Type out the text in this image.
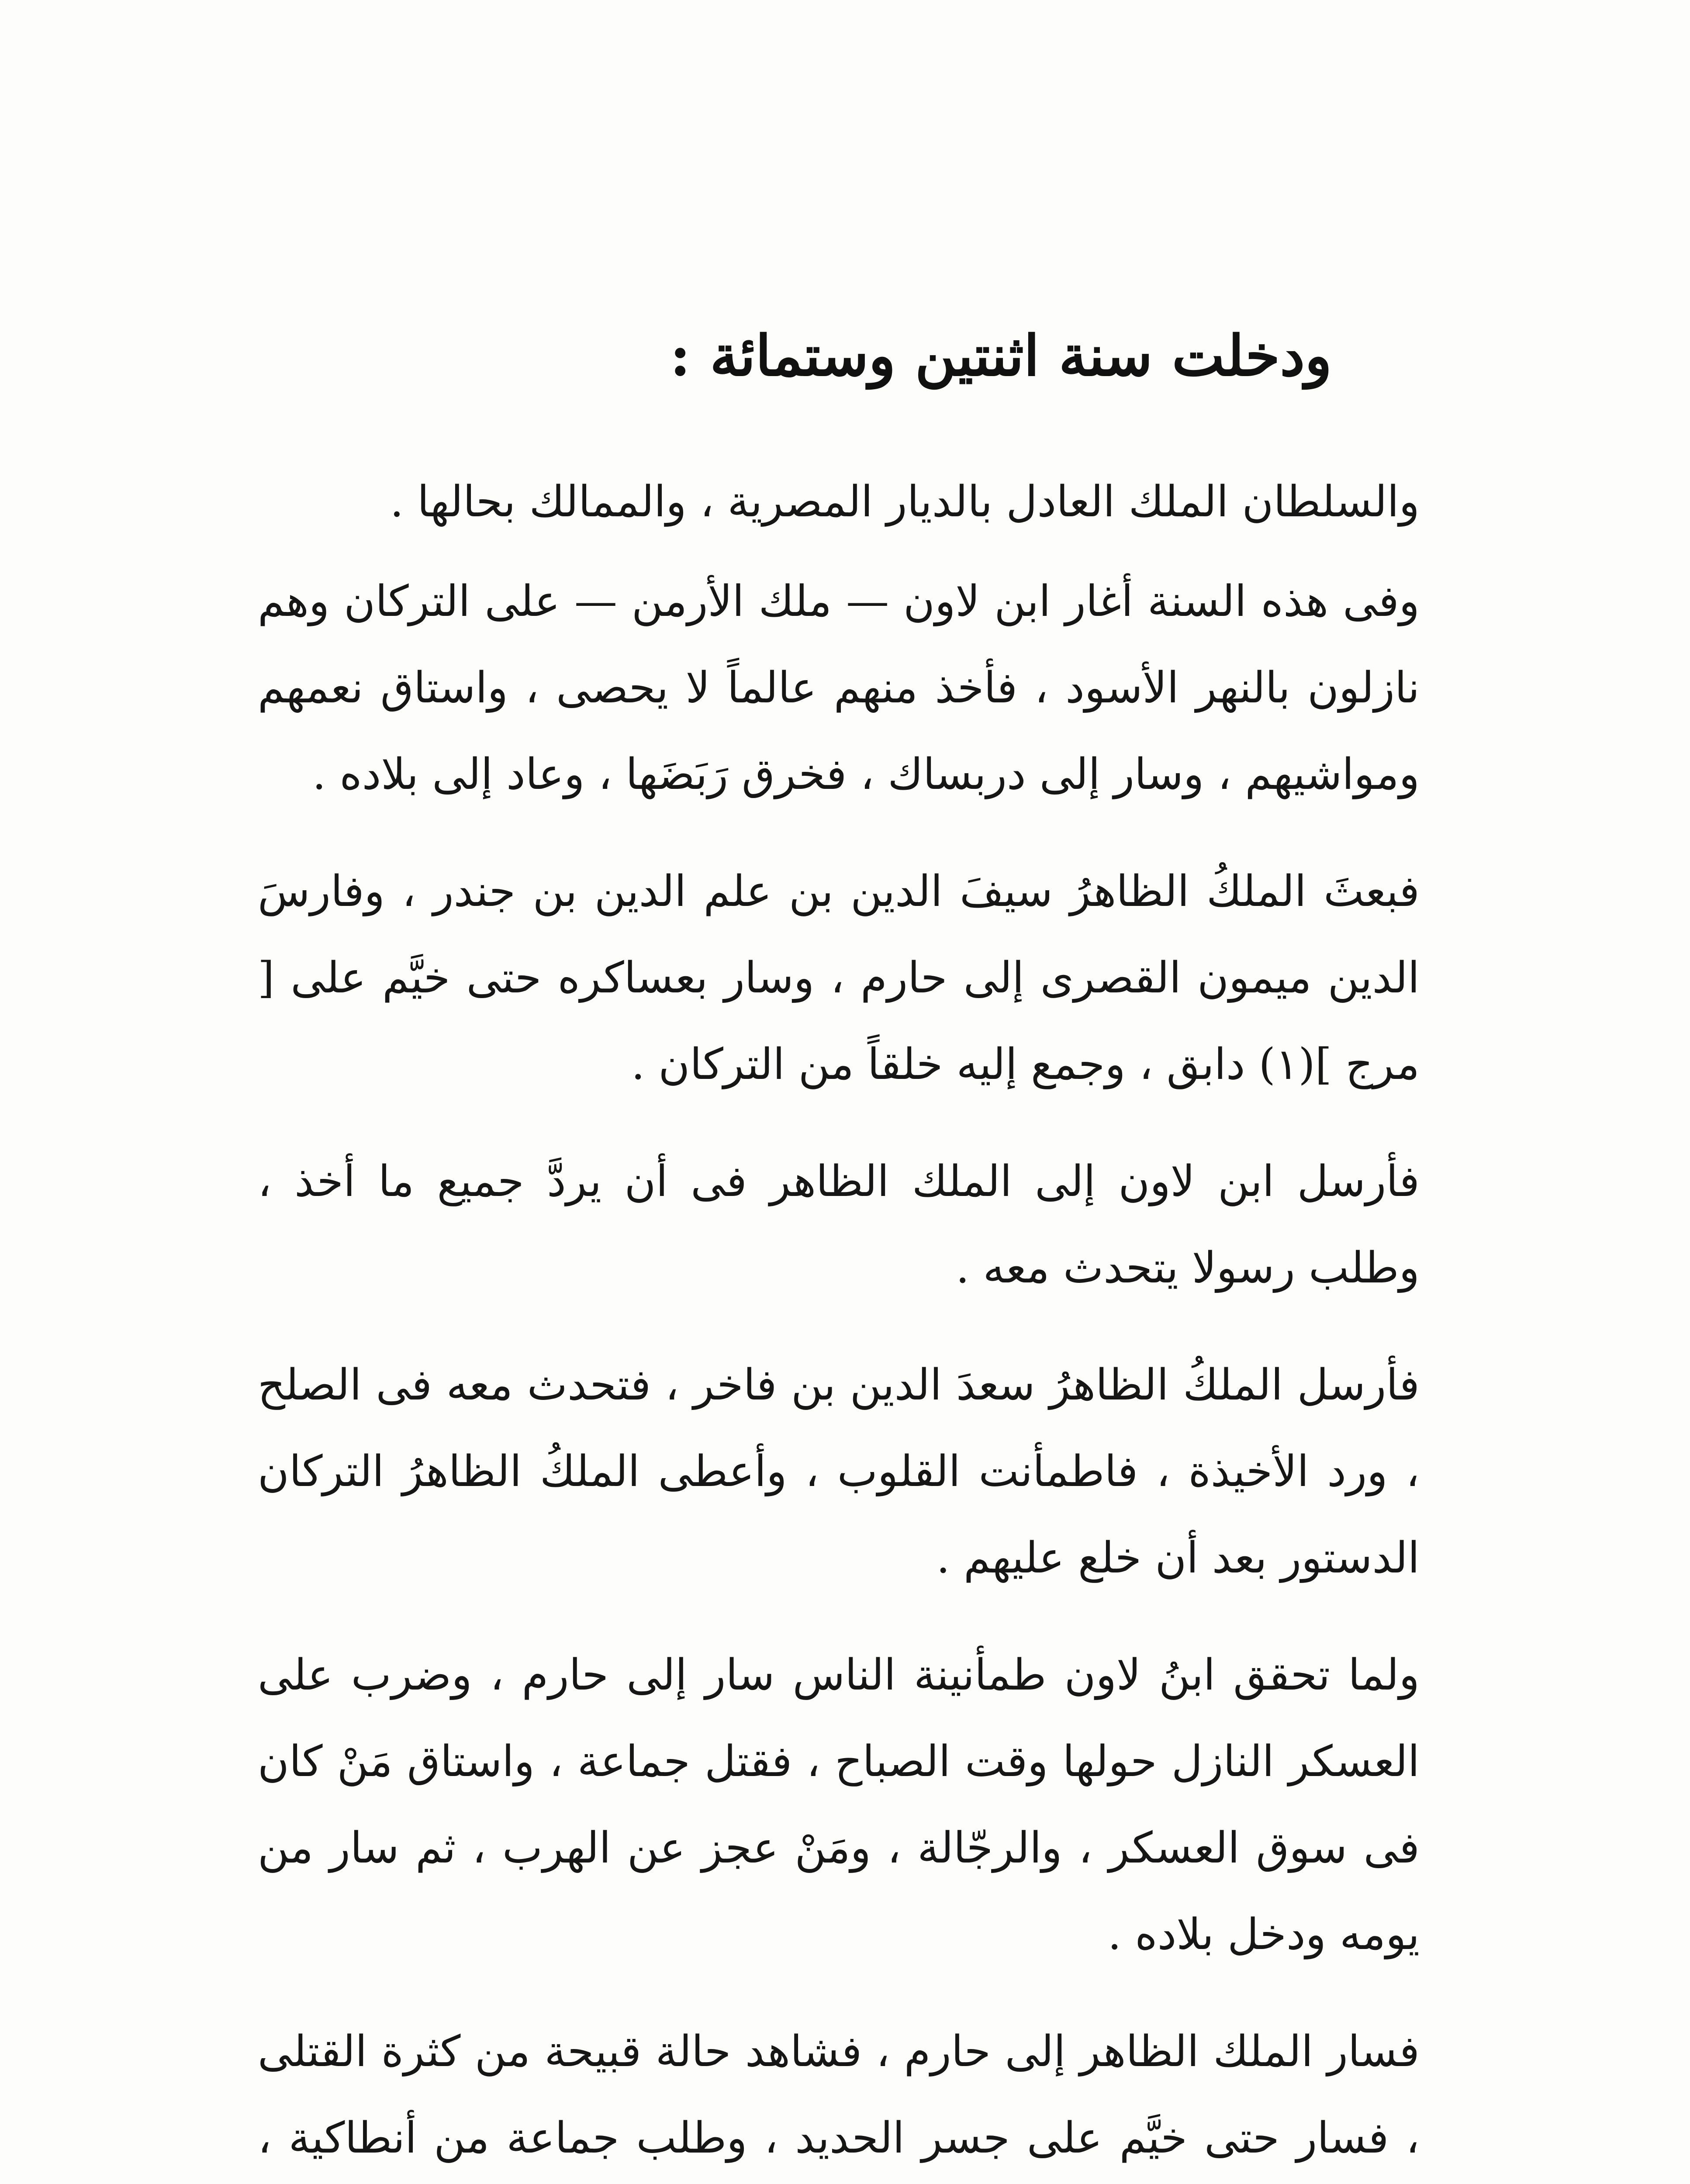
ودخلت سنة اثنتين وستمائة :

والسلطان الملك العادل بالديار المصرية ، والممالك بحالها .

وفى هذه السنة أغار ابن لاون — ملك الأرمن — على التركان وهم نازلون بالنهر الأسود ، فأخذ منهم عالماً لا يحصى ، واستاق نعمهم ومواشيهم ، وسار إلى دربساك ، فخرق رَبَضَها ، وعاد إلى بلاده .

فبعثَ الملكُ الظاهرُ سيفَ الدين بن علم الدين بن جندر ، وفارسَ الدين ميمون القصرى إلى حارم ، وسار بعساكره حتى خيَّم على [ مرج ](١) دابق ، وجمع إليه خلقاً من التركان .

فأرسل ابن لاون إلى الملك الظاهر فى أن يردَّ جميع ما أخذ ، وطلب رسولا يتحدث معه .

فأرسل الملكُ الظاهرُ سعدَ الدين بن فاخر ، فتحدث معه فى الصلح ، ورد الأخيذة ، فاطمأنت القلوب ، وأعطى الملكُ الظاهرُ التركان الدستور بعد أن خلع عليهم .

ولما تحقق ابنُ لاون طمأنينة الناس سار إلى حارم ، وضرب على العسكر النازل حولها وقت الصباح ، فقتل جماعة ، واستاق مَنْ كان فى سوق العسكر ، والرجّالة ، ومَنْ عجز عن الهرب ، ثم سار من يومه ودخل بلاده .

فسار الملك الظاهر إلى حارم ، فشاهد حالة قبيحة من كثرة القتلى ، فسار حتى خيَّم على جسر الحديد ، وطلب جماعة من أنطاكية ،
